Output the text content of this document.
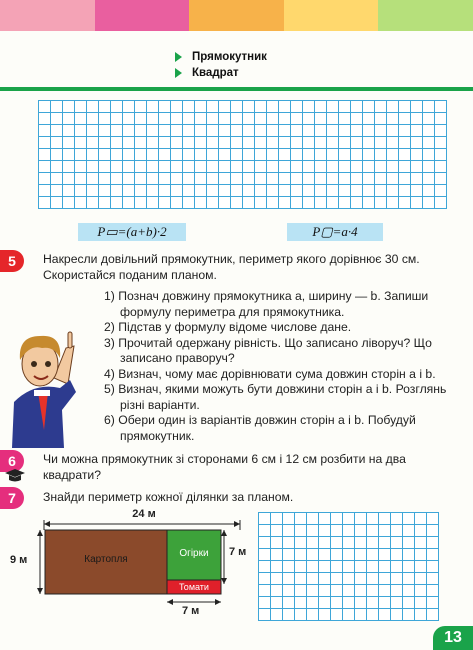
Прямокутник
Квадрат
P▭=(a+b)·2	P▢=a·4
5	Накресли довільний прямокутник, периметр якого дорівнює 30 см. Скористайся поданим планом.
1) Познач довжину прямокутника a, ширину — b. Запиши формулу периметра для прямокутника.
2) Підстав у формулу відоме числове дане.
3) Прочитай одержану рівність. Що записано ліворуч? Що записано праворуч?
4) Визнач, чому має дорівнювати сума довжин сторін a і b.
5) Визнач, якими можуть бути довжини сторін a і b. Розглянь різні варіанти.
6) Обери один із варіантів довжин сторін a і b. Побудуй прямокутник.
6	Чи можна прямокутник зі сторонами 6 см і 12 см розбити на два квадрати?
7	Знайди периметр кожної ділянки за планом.
24 м
9 м
7 м
7 м
Картопля
Огірки
Томати
13
